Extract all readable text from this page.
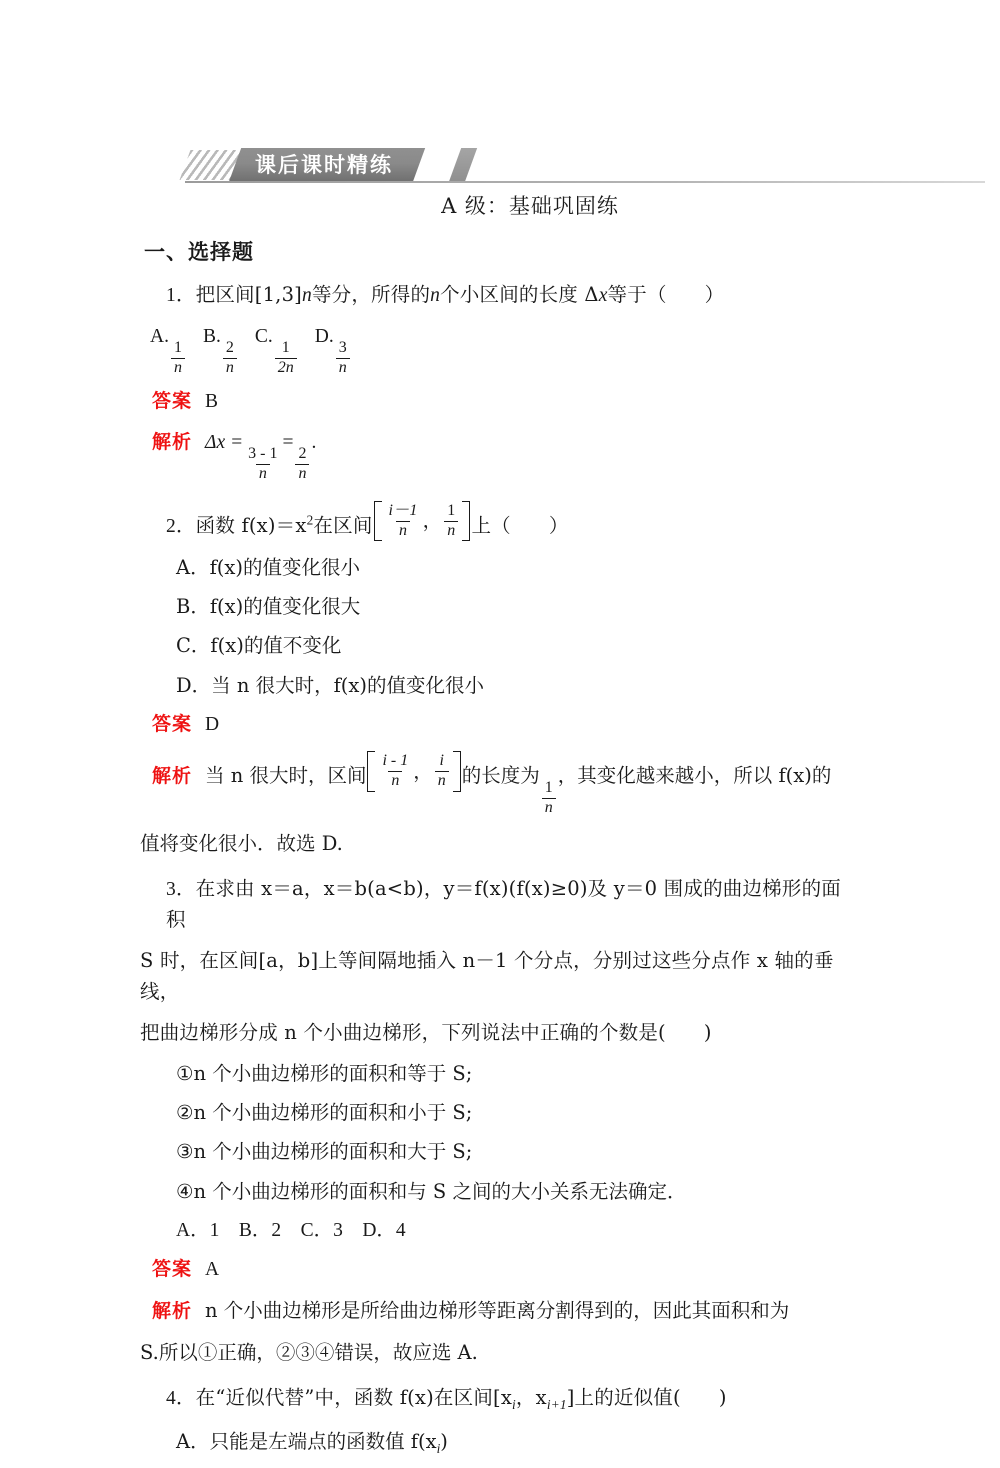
课后课时精练
A 级：基础巩固练
一、选择题
1．把区间[1,3]n等分，所得的n个小区间的长度 Δx等于（ ）
A.
$\frac{1}{n}$
B.
$\frac{2}{n}$
C.
$\frac{1}{2n}$
D.
$\frac{3}{n}$
答案 B
解析 Δx =
$\frac{3 - 1}{n}$
=
$\frac{2}{n}$
.
2．函数 $f(x)=x^2$在区间 $\frac{i-1}{n}$ ， $\frac{1}{n}$ 上（ ）
A．f(x)的值变化很小
B．f(x)的值变化很大
C．f(x)的值不变化
D．当 n 很大时，f(x)的值变化很小
答案 D
解析 当 n 很大时，区间 $\frac{i - 1}{n}$ ， $\frac{i}{n}$ 的长度为
$\frac{1}{n}$
，其变化越来越小，所以 f(x)的
值将变化很小．故选 D.
3．在求由 x＝a，x＝b(a<b)，y＝f(x)(f(x)≥0)及 y＝0 围成的曲边梯形的面积
S 时，在区间[a，b]上等间隔地插入 n－1 个分点，分别过这些分点作 x 轴的垂线，
把曲边梯形分成 n 个小曲边梯形，下列说法中正确的个数是( )
①n 个小曲边梯形的面积和等于 S;
②n 个小曲边梯形的面积和小于 S;
③n 个小曲边梯形的面积和大于 S;
④n 个小曲边梯形的面积和与 S 之间的大小关系无法确定．
A．1　B．2　C．3　D．4
答案 A
解析 n 个小曲边梯形是所给曲边梯形等距离分割得到的，因此其面积和为
S.所以①正确，②③④错误，故应选 A.
4．在“近似代替”中，函数 f(x)在区间[$x_i$，$x_{i+1}$]上的近似值( )
A．只能是左端点的函数值 $f(x_i)$
